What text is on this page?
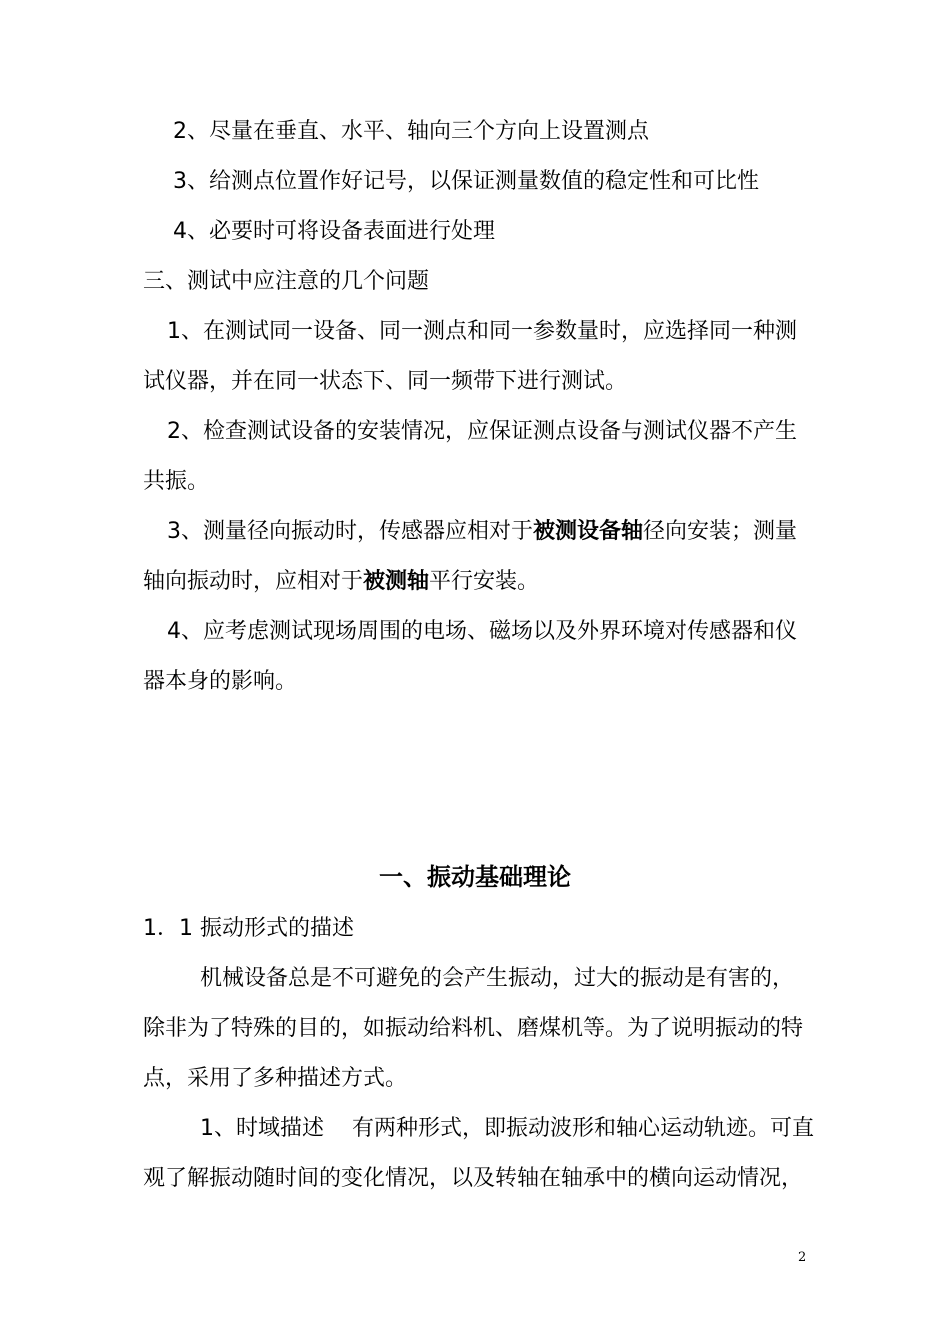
2、尽量在垂直、水平、轴向三个方向上设置测点
3、给测点位置作好记号，以保证测量数值的稳定性和可比性
4、必要时可将设备表面进行处理
三、测试中应注意的几个问题
1、在测试同一设备、同一测点和同一参数量时，应选择同一种测
试仪器，并在同一状态下、同一频带下进行测试。
2、检查测试设备的安装情况，应保证测点设备与测试仪器不产生
共振。
3、测量径向振动时，传感器应相对于被测设备轴径向安装；测量
轴向振动时，应相对于被测轴平行安装。
4、应考虑测试现场周围的电场、磁场以及外界环境对传感器和仪
器本身的影响。
一、振动基础理论
1．1 振动形式的描述
机械设备总是不可避免的会产生振动，过大的振动是有害的，
除非为了特殊的目的，如振动给料机、磨煤机等。为了说明振动的特
点，采用了多种描述方式。
1、时域描述    有两种形式，即振动波形和轴心运动轨迹。可直
观了解振动随时间的变化情况，以及转轴在轴承中的横向运动情况，
2
